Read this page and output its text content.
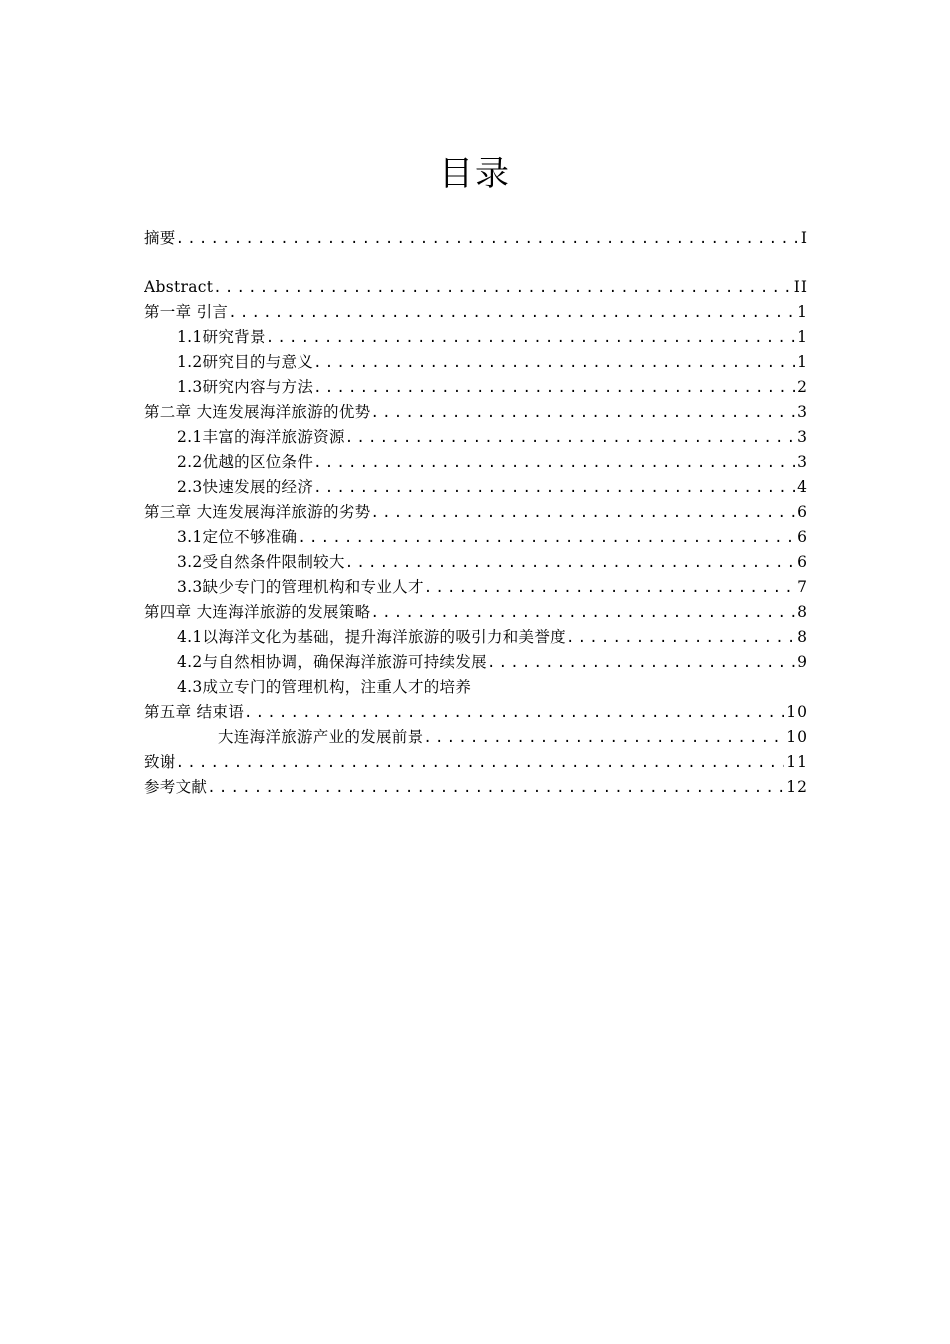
目录
摘要 .....	I
Abstract .....	II
第一章 引言 .....	1
1.1研究背景 .....	1
1.2研究目的与意义 .....	1
1.3研究内容与方法 .....	2
第二章 大连发展海洋旅游的优势 .....	3
2.1丰富的海洋旅游资源 .....	3
2.2优越的区位条件 .....	3
2.3快速发展的经济 .....	4
第三章 大连发展海洋旅游的劣势 .....	6
3.1定位不够准确 .....	6
3.2受自然条件限制较大 .....	6
3.3缺少专门的管理机构和专业人才 .....	7
第四章 大连海洋旅游的发展策略 .....	8
4.1以海洋文化为基础，提升海洋旅游的吸引力和美誉度 .....	8
4.2与自然相协调，确保海洋旅游可持续发展 .....	9
4.3成立专门的管理机构，注重人才的培养
第五章 结束语 .....	10
大连海洋旅游产业的发展前景 .....	10
致谢 .....	11
参考文献 .....	12
